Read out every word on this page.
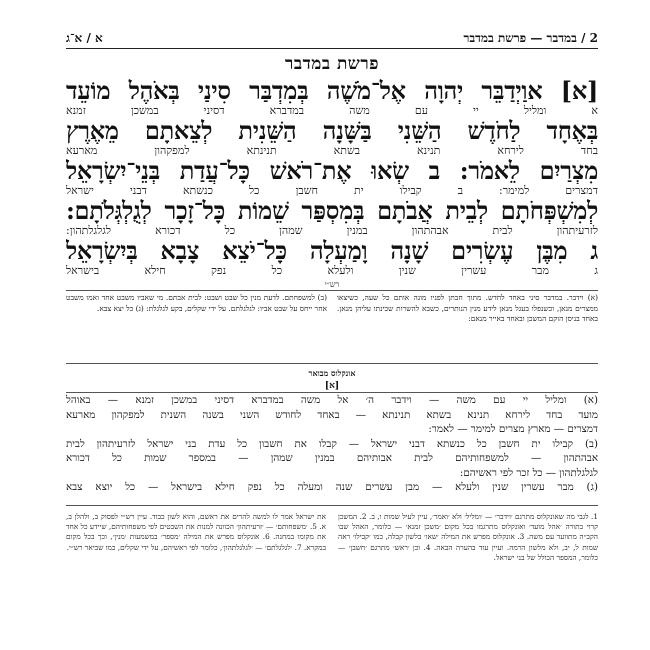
2 / במדבר — פרשת במדבר
א / א־ג
פרשת במדבר
[א] אוַיְדַבֵּר יְהוָה אֶל־מֹשֶׁה בְּמִדְבַּר סִינַי בְּאֹהֶל מוֹעֵד
א ומליל יי עם משה במדברא דסיני במשכן זמנא
בְּאֶחָד לַחֹדֶשׁ הַשֵּׁנִי בַּשָּׁנָה הַשֵּׁנִית לְצֵאתָם מֵאֶרֶץ
בחד לירחא תנינא בשתא תנינתא למפקהון מארעא
מִצְרַיִם לֵאמֹר: ב שְׂאוּ אֶת־רֹאשׁ כָּל־עֲדַת בְּנֵי־יִשְׂרָאֵל
דמצרים למימר: ב קבילו ית חשבן כל כנשתא דבני ישראל
לְמִשְׁפְּחֹתָם לְבֵית אֲבֹתָם בְּמִסְפַּר שֵׁמוֹת כָּל־זָכָר לְגֻלְגְּלֹתָם:
לזרעיתהון לבית אבהתהון במנין שמהן כל דכורא לגלגלתהון:
ג מִבֶּן עֶשְׂרִים שָׁנָה וָמַעְלָה כָּל־יֹצֵא צָבָא בְּיִשְׂרָאֵל
ג מבר עשרין שנין ולעלא כל נפק חילא בישראל
רש״י
(א) וידבר. במדבר סיני באחד לחדש. מתוך חבתן לפניו מונה אותם כל שעה, כשיצאו ממצרים מנאן, וכשנפלו בעגל מנאן לידע מנין הנותרים, כשבא להשרות שכינתו עליהן מנאן. באחד בניסן הוקם המשכן ובאחד באייר מנאם:
(ב) למשפחתם. לדעת מנין כל שבט ושבט: לבית אבתם. מי שאביו משבט אחד ואמו משבט אחר ייחס על שבט אביו: לגלגלתם. על ידי שקלים, בקע לגלגלת: (ג) כל יצא צבא.
אונקלוס מבואר
[א]
(א) ומליל יי עם משה — וידבר ה׳ אל משה במדברא דסיני במשכן זמנא — באוהל
מועד בחד לירחא תנינא בשתא תנינתא — באחד לחודש השני בשנה השנית למפקהון מארעא
דמצרים — מארץ מצרים למימר — לאמר:
(ב) קבילו ית חשבן כל כנשתא דבני ישראל — קבלו את חשבון כל עדת בני ישראל לזרעיתהון לבית
אבהתהון — למשפחותיהם לבית אבותיהם במנין שמהן — במספר שמות כל דכורא
לגלגלתהון — כל זכר לפי ראשיהם:
(ג) מבר עשרין שנין ולעלא — מבן עשרים שנה ומעלה כל נפק חילא בישראל — כל יוצא צבא
1. לגבי מה שאונקלוס מתרגם ׳וידבר׳ — ׳ומליל׳ ולא ׳ואמר׳, עיין לעיל שמות ו, ב. 2. המשכן קרוי בתורה ׳אהל מועד׳ ואונקלוס מתרגמו בכל מקום ׳משכן זמנא׳ — כלומר, האהל שבו הקב״ה מתוועד עם משה. 3. אונקלוס מפרש את המילה ׳שאו׳ בלשון קבלה, כמו ׳קבילו׳ ראה שמות ל, יב, ולא מלשון הרמה. ועיין עוד בהערה הבאה. 4. וכן ׳ראש׳ מתרגם ׳חשבן׳ — כלומר, המספר הכולל של בני ישראל.
את ישראל אמר לו למשה להרים את ראשם, והוא לשון כבוד. עיין רש״י לפסוק ב, ולהלן ב, א. 5. ׳משפחותם׳ — ׳זרעיתהון׳ הכוונה למנות את השבטים לפי משפחותיהם, שיידע כל אחד את מקומו במחנה. 6. אונקלוס מפרש את המילה ׳מספר׳ במשמעות ׳מנין׳, וכך בכל מקום במקרא. 7. ׳לגלגלתם׳ — ׳לגלגלתהון׳, כלומר לפי ראשיהם, על ידי שקלים, כמו שביאר רש״י.
